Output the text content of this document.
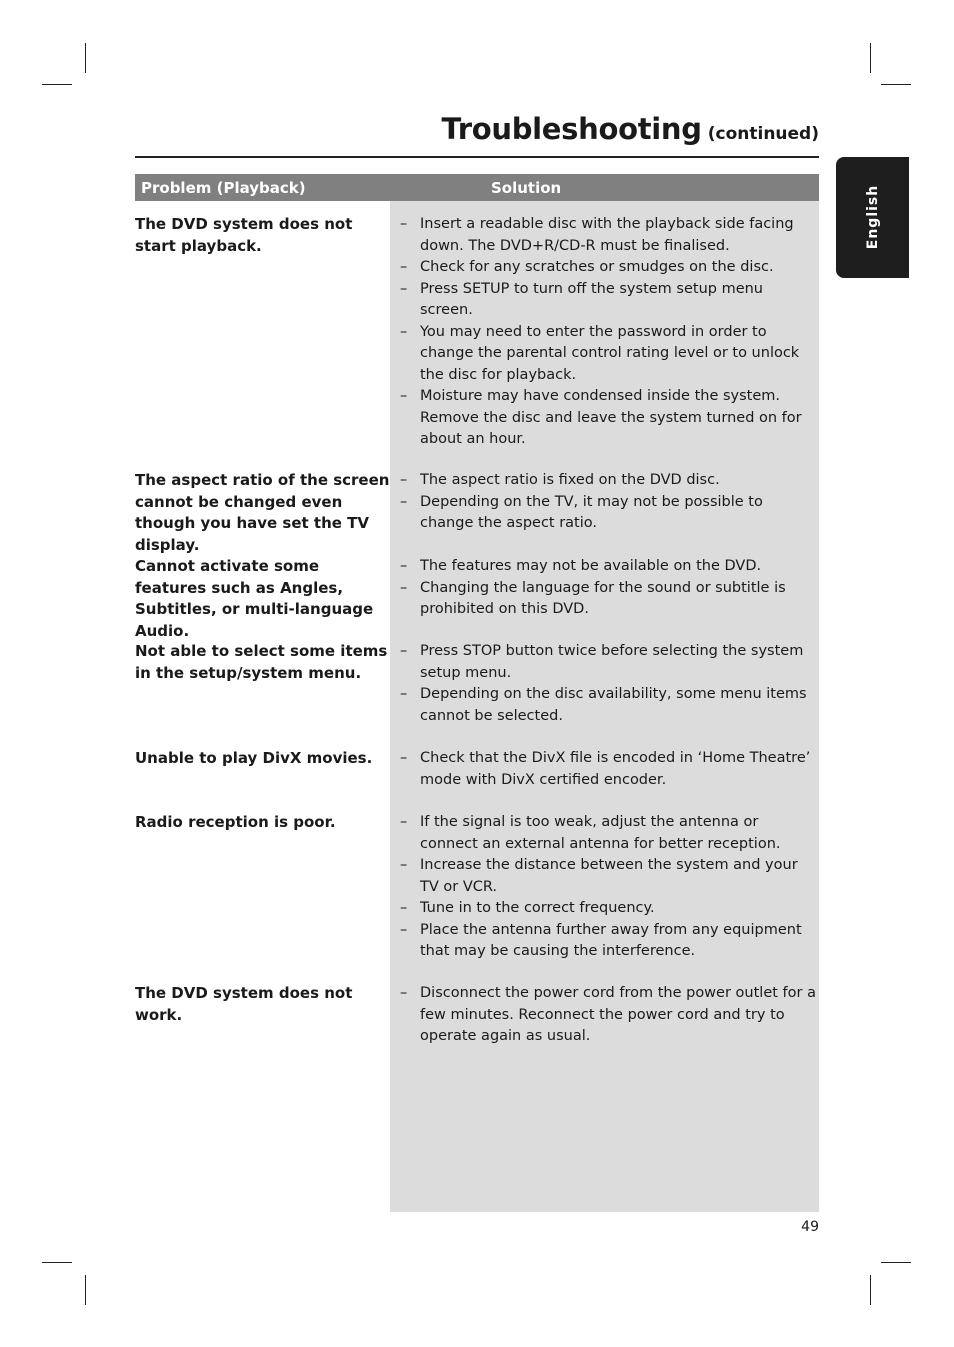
Troubleshooting (continued)
English
Problem (Playback)	Solution
The DVD system does not start playback.
– Insert a readable disc with the playback side facing down. The DVD+R/CD-R must be finalised.
– Check for any scratches or smudges on the disc.
– Press SETUP to turn off the system setup menu screen.
– You may need to enter the password in order to change the parental control rating level or to unlock the disc for playback.
– Moisture may have condensed inside the system. Remove the disc and leave the system turned on for about an hour.
The aspect ratio of the screen cannot be changed even though you have set the TV display.
– The aspect ratio is fixed on the DVD disc.
– Depending on the TV, it may not be possible to change the aspect ratio.
Cannot activate some features such as Angles, Subtitles, or multi-language Audio.
– The features may not be available on the DVD.
– Changing the language for the sound or subtitle is prohibited on this DVD.
Not able to select some items in the setup/system menu.
– Press STOP button twice before selecting the system setup menu.
– Depending on the disc availability, some menu items cannot be selected.
Unable to play DivX movies.	– Check that the DivX file is encoded in ‘Home Theatre’ mode with DivX certified encoder.
Radio reception is poor.	– If the signal is too weak, adjust the antenna or connect an external antenna for better reception.
– Increase the distance between the system and your TV or VCR.
– Tune in to the correct frequency.
– Place the antenna further away from any equipment that may be causing the interference.
The DVD system does not work.
– Disconnect the power cord from the power outlet for a few minutes. Reconnect the power cord and try to operate again as usual.
49
